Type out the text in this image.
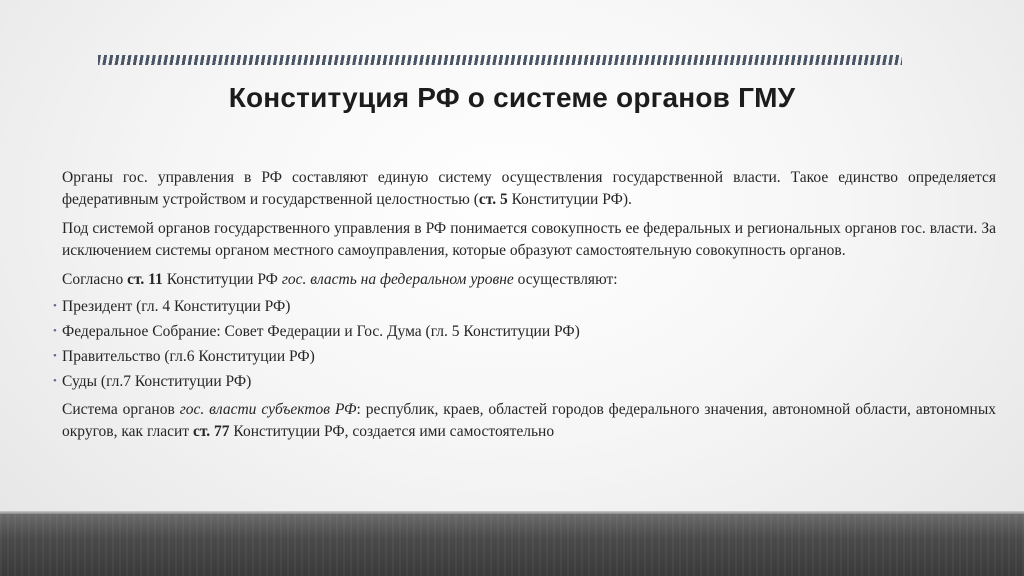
Конституция РФ о системе органов ГМУ

Органы гос. управления в РФ составляют единую систему осуществления государственной власти. Такое единство определяется федеративным устройством и государственной целостностью (ст. 5 Конституции РФ).

Под системой органов государственного управления в РФ понимается совокупность ее федеральных и региональных органов гос. власти. За исключением системы органом местного самоуправления, которые образуют самостоятельную совокупность органов.

Согласно ст. 11 Конституции РФ гос. власть на федеральном уровне осуществляют:

• Президент (гл. 4 Конституции РФ)
• Федеральное Собрание: Совет Федерации и Гос. Дума (гл. 5 Конституции РФ)
• Правительство (гл.6 Конституции РФ)
• Суды (гл.7 Конституции РФ)

Система органов гос. власти субъектов РФ: республик, краев, областей городов федерального значения, автономной области, автономных округов, как гласит ст. 77 Конституции РФ, создается ими самостоятельно
